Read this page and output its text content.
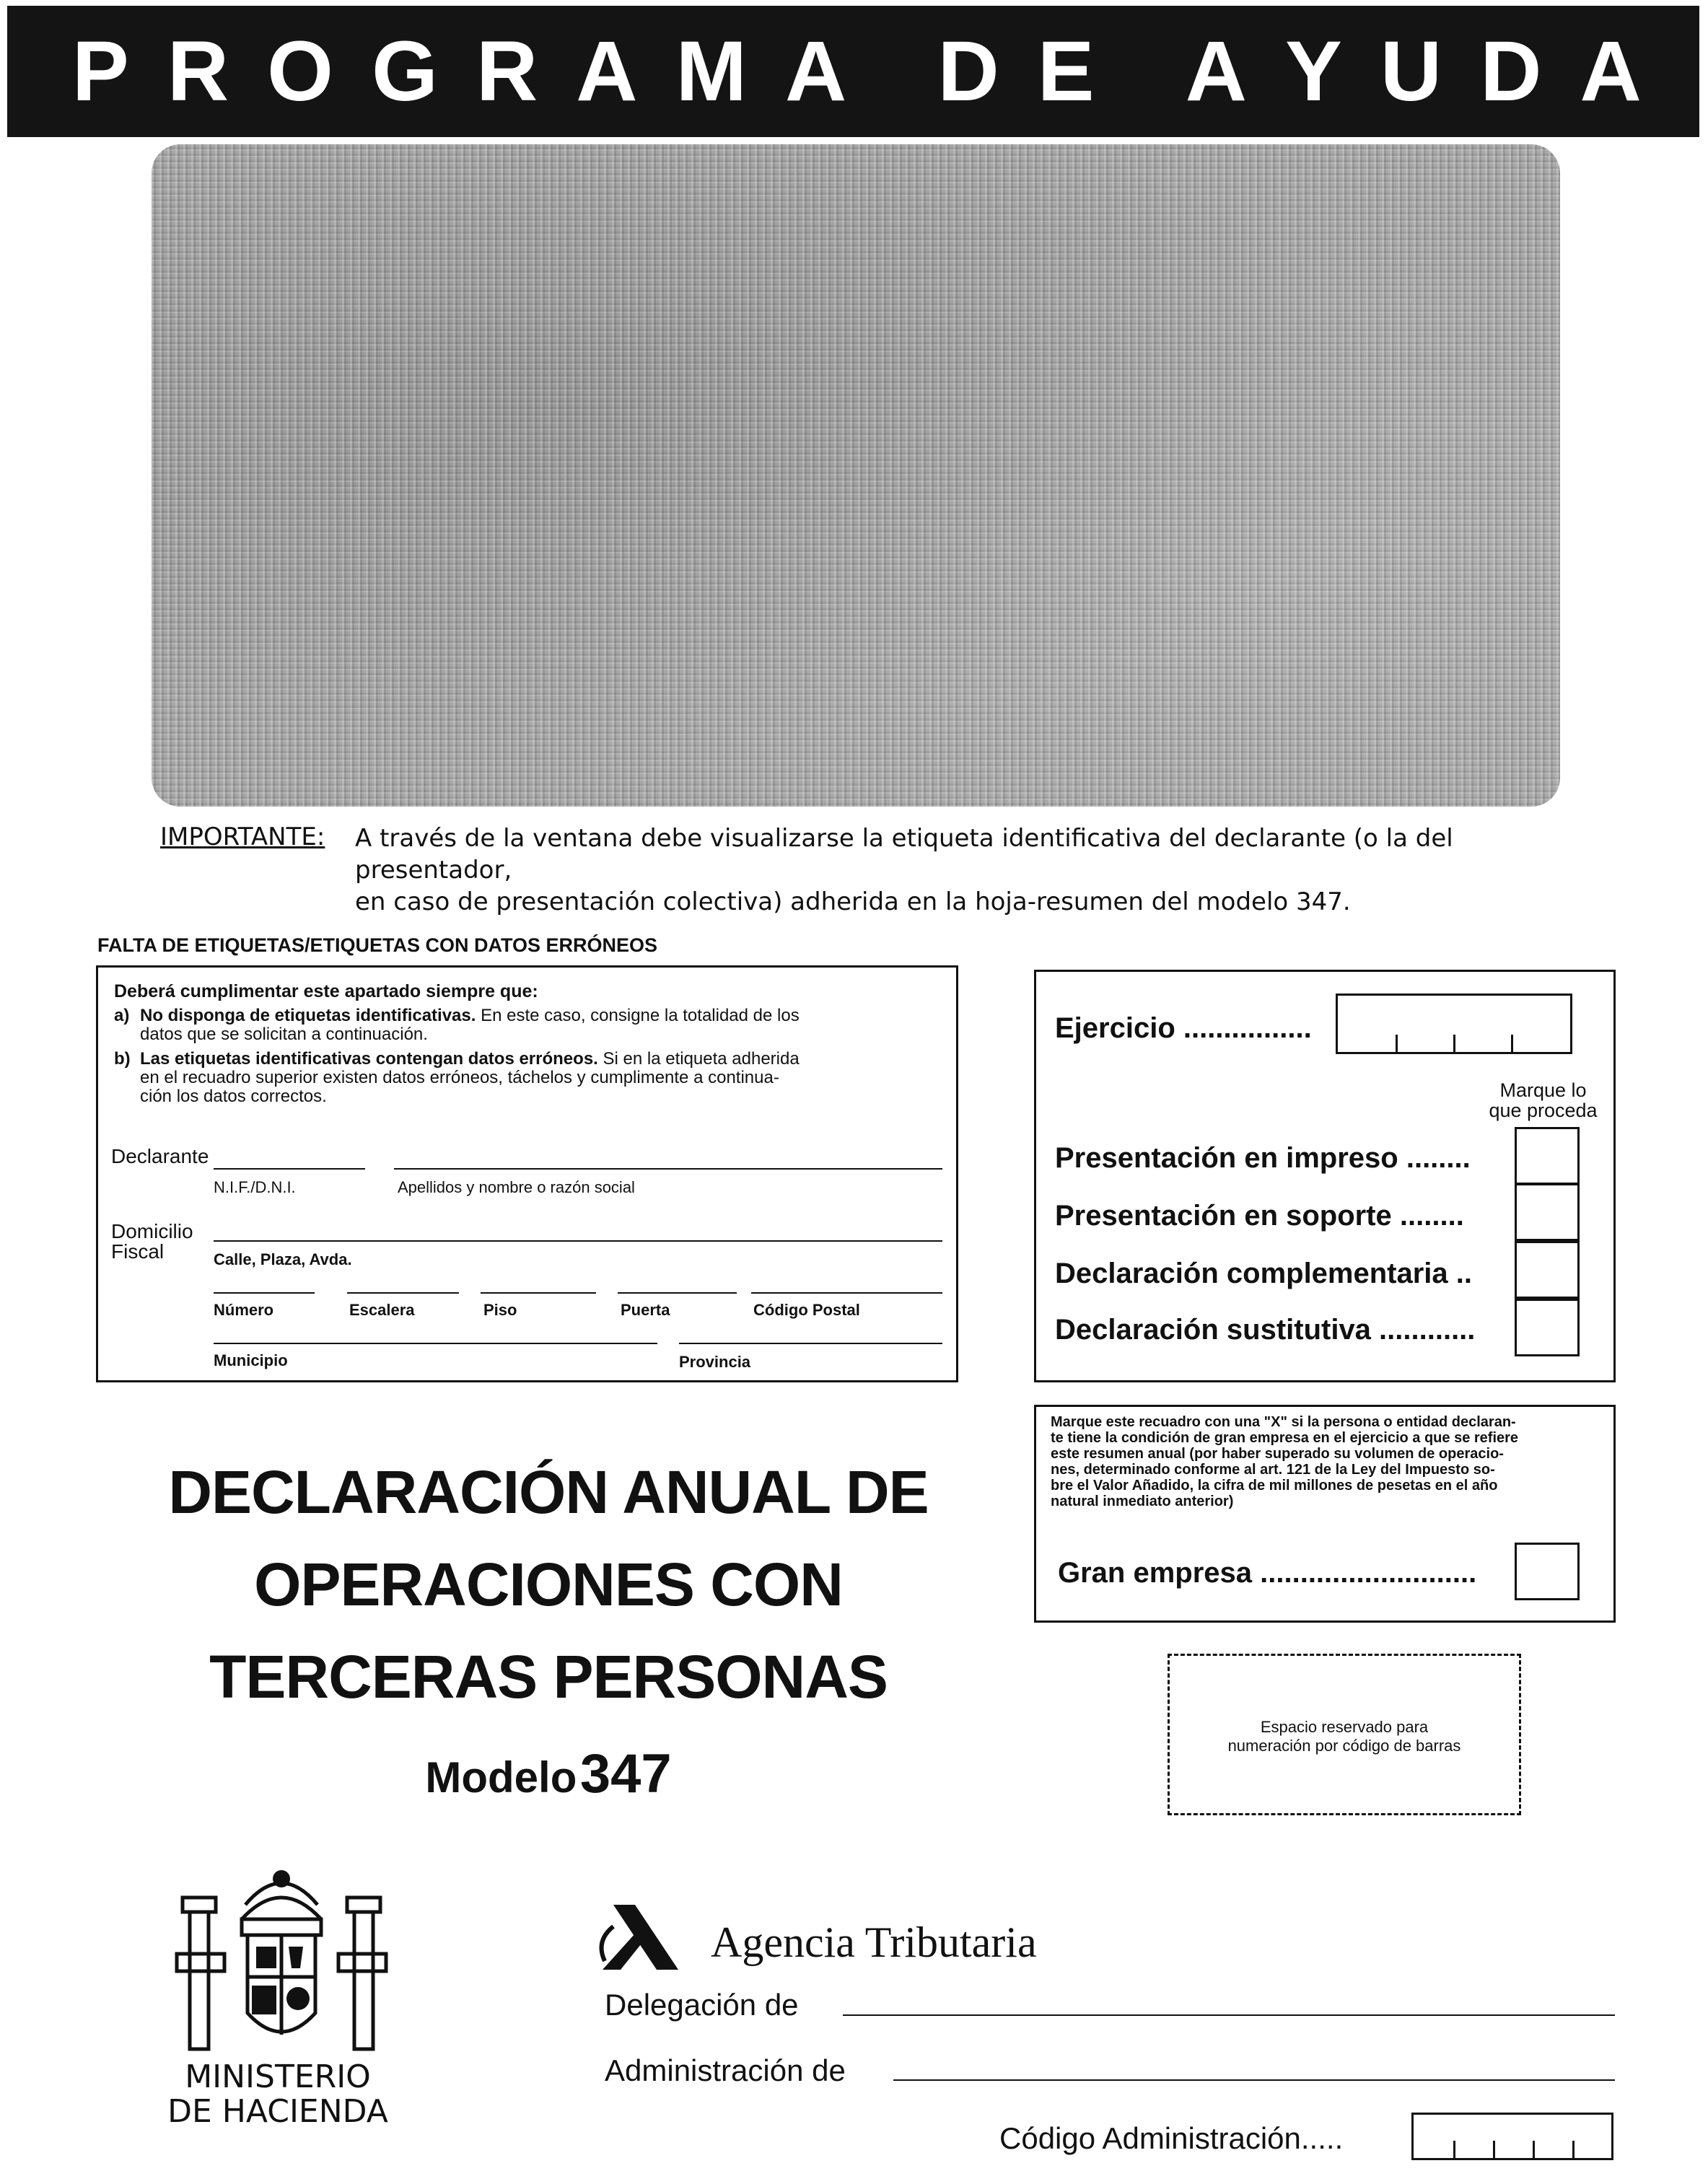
P R O G R A M A D E A Y U D A
IMPORTANTE: A través de la ventana debe visualizarse la etiqueta identificativa del declarante (o la del presentador,
en caso de presentación colectiva) adherida en la hoja-resumen del modelo 347.
FALTA DE ETIQUETAS/ETIQUETAS CON DATOS ERRÓNEOS
Deberá cumplimentar este apartado siempre que:
a) No disponga de etiquetas identificativas. En este caso, consigne la totalidad de los
datos que se solicitan a continuación.
b) Las etiquetas identificativas contengan datos erróneos. Si en la etiqueta adherida
en el recuadro superior existen datos erróneos, táchelos y cumplimente a continua-
ción los datos correctos.
Declarante
N.I.F./D.N.I.	Apellidos y nombre o razón social
Domicilio
Fiscal	Calle, Plaza, Avda.
Número	Escalera	Piso	Puerta	Código Postal
Municipio	Provincia
Ejercicio ................
Marque lo
que proceda
Presentación en impreso ........
Presentación en soporte ........
Declaración complementaria ..
Declaración sustitutiva ............
Marque este recuadro con una "X" si la persona o entidad declaran-
te tiene la condición de gran empresa en el ejercicio a que se refiere
este resumen anual (por haber superado su volumen de operacio-
nes, determinado conforme al art. 121 de la Ley del Impuesto so-
bre el Valor Añadido, la cifra de mil millones de pesetas en el año
natural inmediato anterior)
Gran empresa ...........................
Espacio reservado para
numeración por código de barras
DECLARACIÓN ANUAL DE
OPERACIONES CON
TERCERAS PERSONAS
Modelo 347
MINISTERIO
DE HACIENDA
Agencia Tributaria
Delegación de
Administración de
Código Administración.....
